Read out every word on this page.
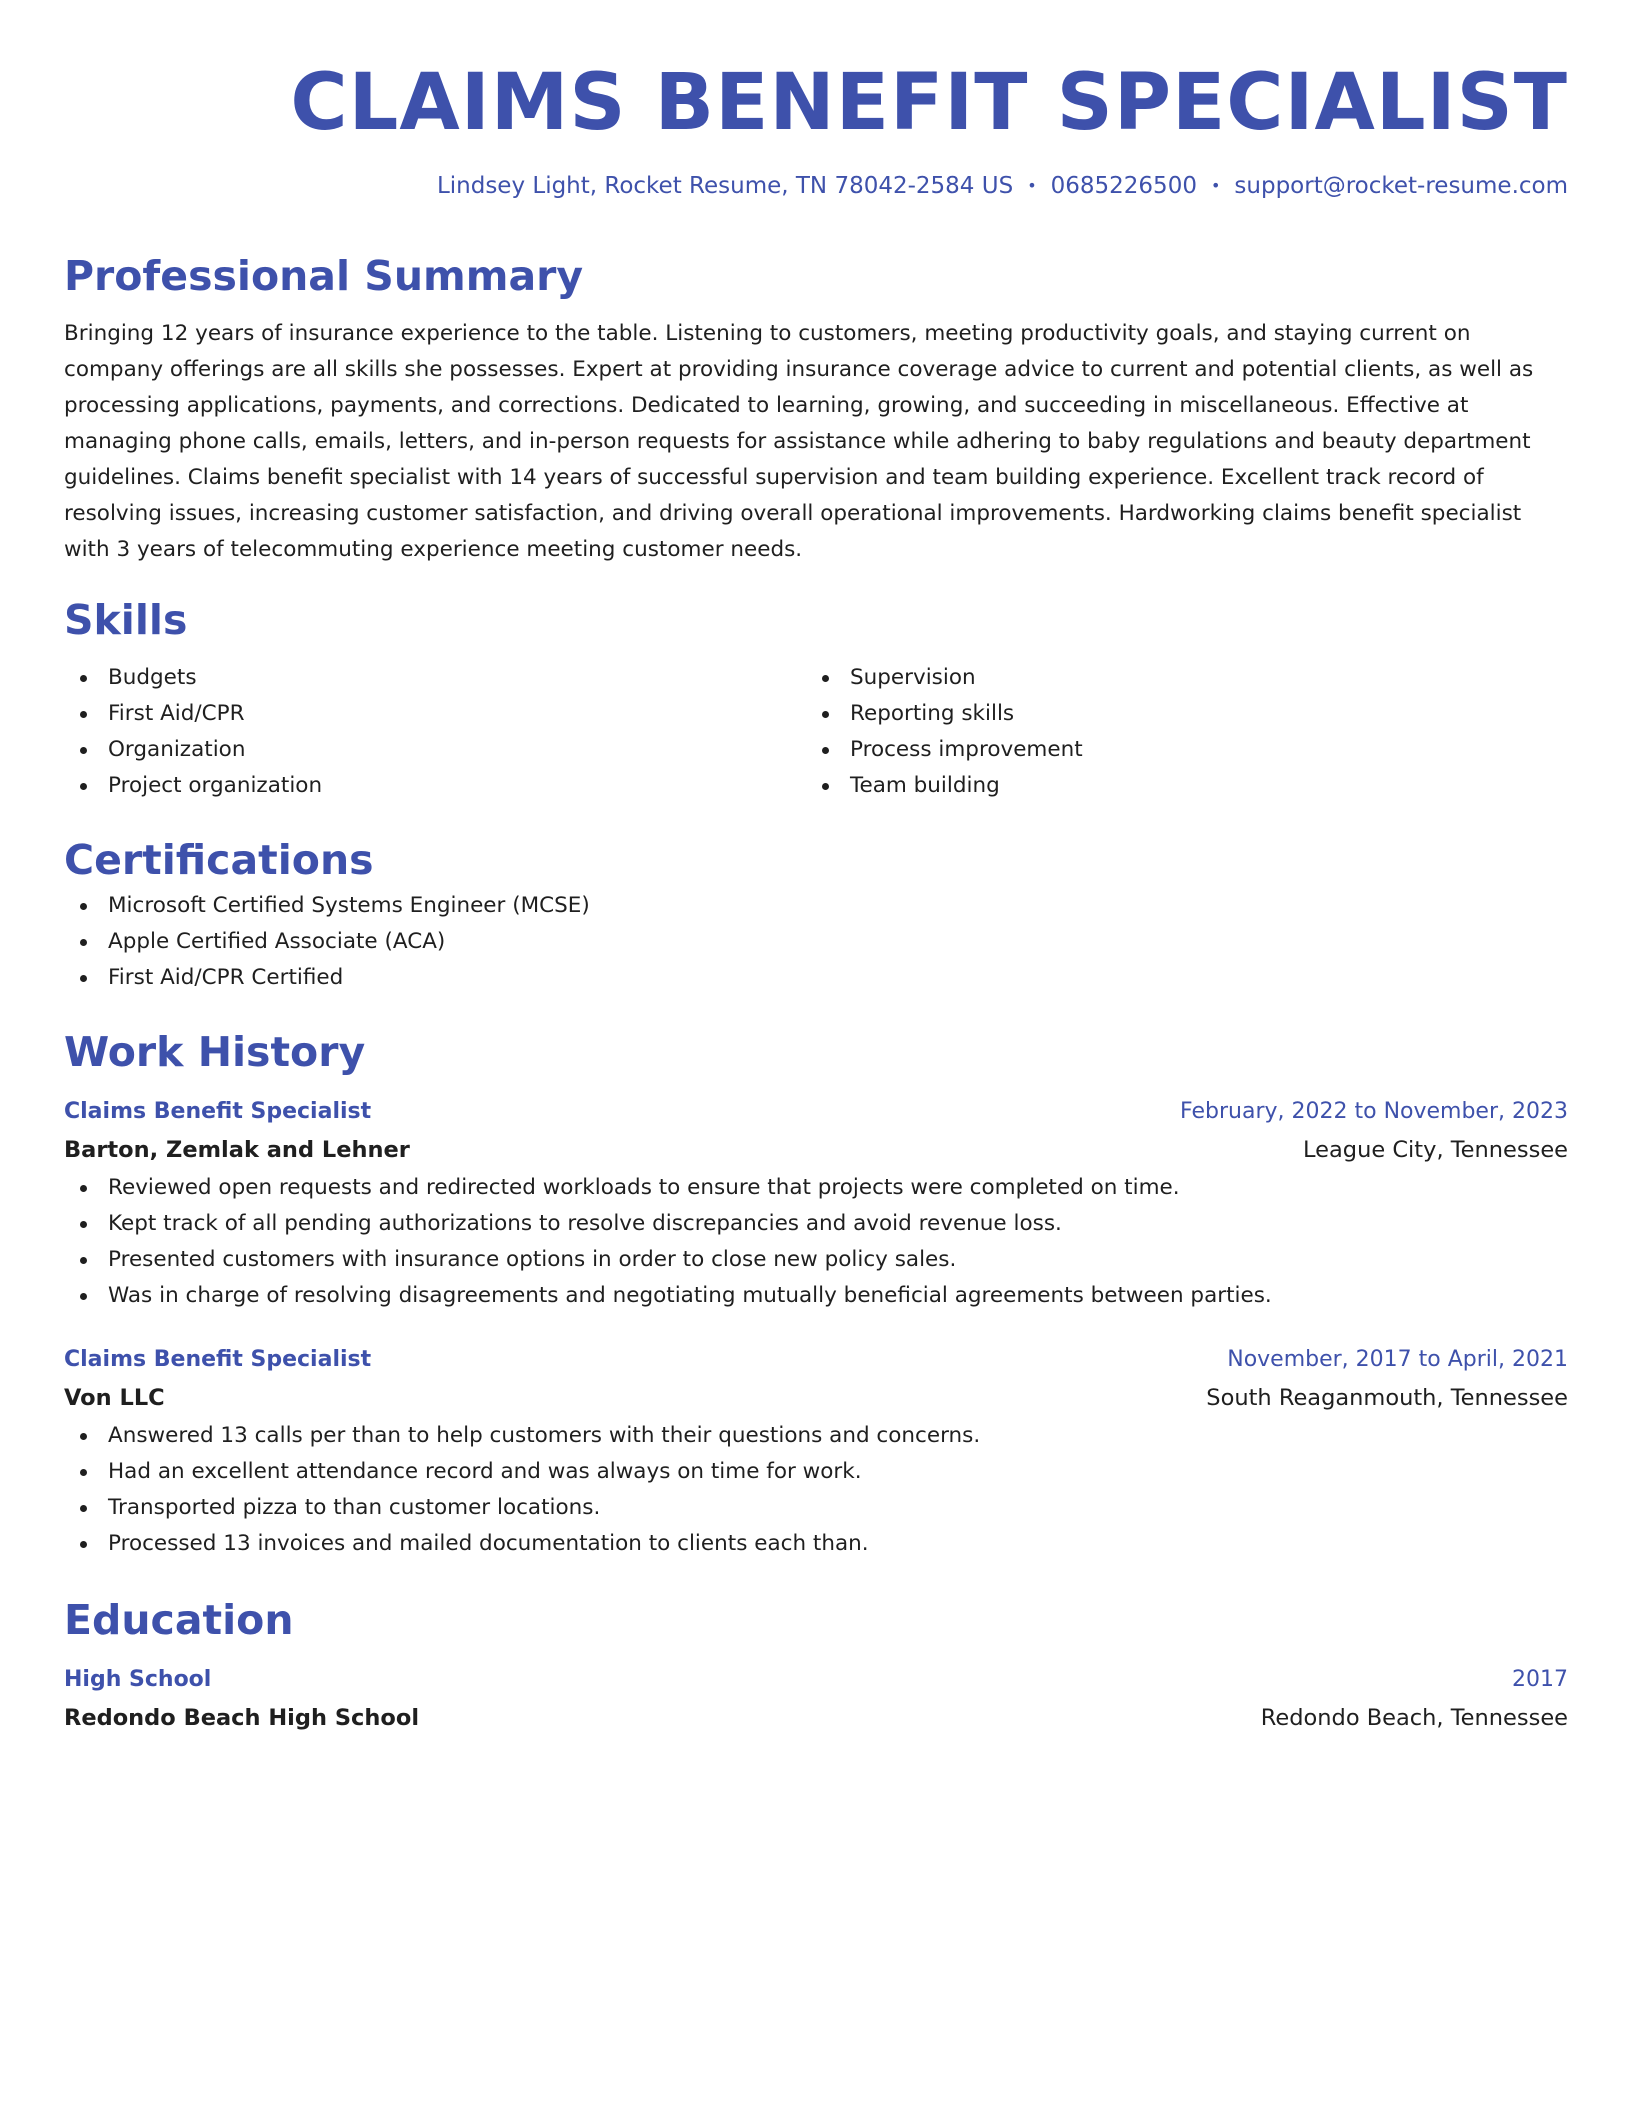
CLAIMS BENEFIT SPECIALIST
Lindsey Light, Rocket Resume, TN 78042-2584 US • 0685226500 • support@rocket-resume.com
Professional Summary

Bringing 12 years of insurance experience to the table. Listening to customers, meeting productivity goals, and staying current on company offerings are all skills she possesses. Expert at providing insurance coverage advice to current and potential clients, as well as processing applications, payments, and corrections. Dedicated to learning, growing, and succeeding in miscellaneous. Effective at managing phone calls, emails, letters, and in-person requests for assistance while adhering to baby regulations and beauty department guidelines. Claims benefit specialist with 14 years of successful supervision and team building experience. Excellent track record of resolving issues, increasing customer satisfaction, and driving overall operational improvements. Hardworking claims benefit specialist with 3 years of telecommuting experience meeting customer needs.

Skills
Budgets
First Aid/CPR
Organization
Project organization
Supervision
Reporting skills
Process improvement
Team building
Certifications
Microsoft Certified Systems Engineer (MCSE)
Apple Certified Associate (ACA)
First Aid/CPR Certified
Work History
Claims Benefit Specialist	February, 2022 to November, 2023
Barton, Zemlak and Lehner	League City, Tennessee
Reviewed open requests and redirected workloads to ensure that projects were completed on time.
Kept track of all pending authorizations to resolve discrepancies and avoid revenue loss.
Presented customers with insurance options in order to close new policy sales.
Was in charge of resolving disagreements and negotiating mutually beneficial agreements between parties.
Claims Benefit Specialist	November, 2017 to April, 2021
Von LLC	South Reaganmouth, Tennessee
Answered 13 calls per than to help customers with their questions and concerns.
Had an excellent attendance record and was always on time for work.
Transported pizza to than customer locations.
Processed 13 invoices and mailed documentation to clients each than.
Education
High School	2017
Redondo Beach High School	Redondo Beach, Tennessee
